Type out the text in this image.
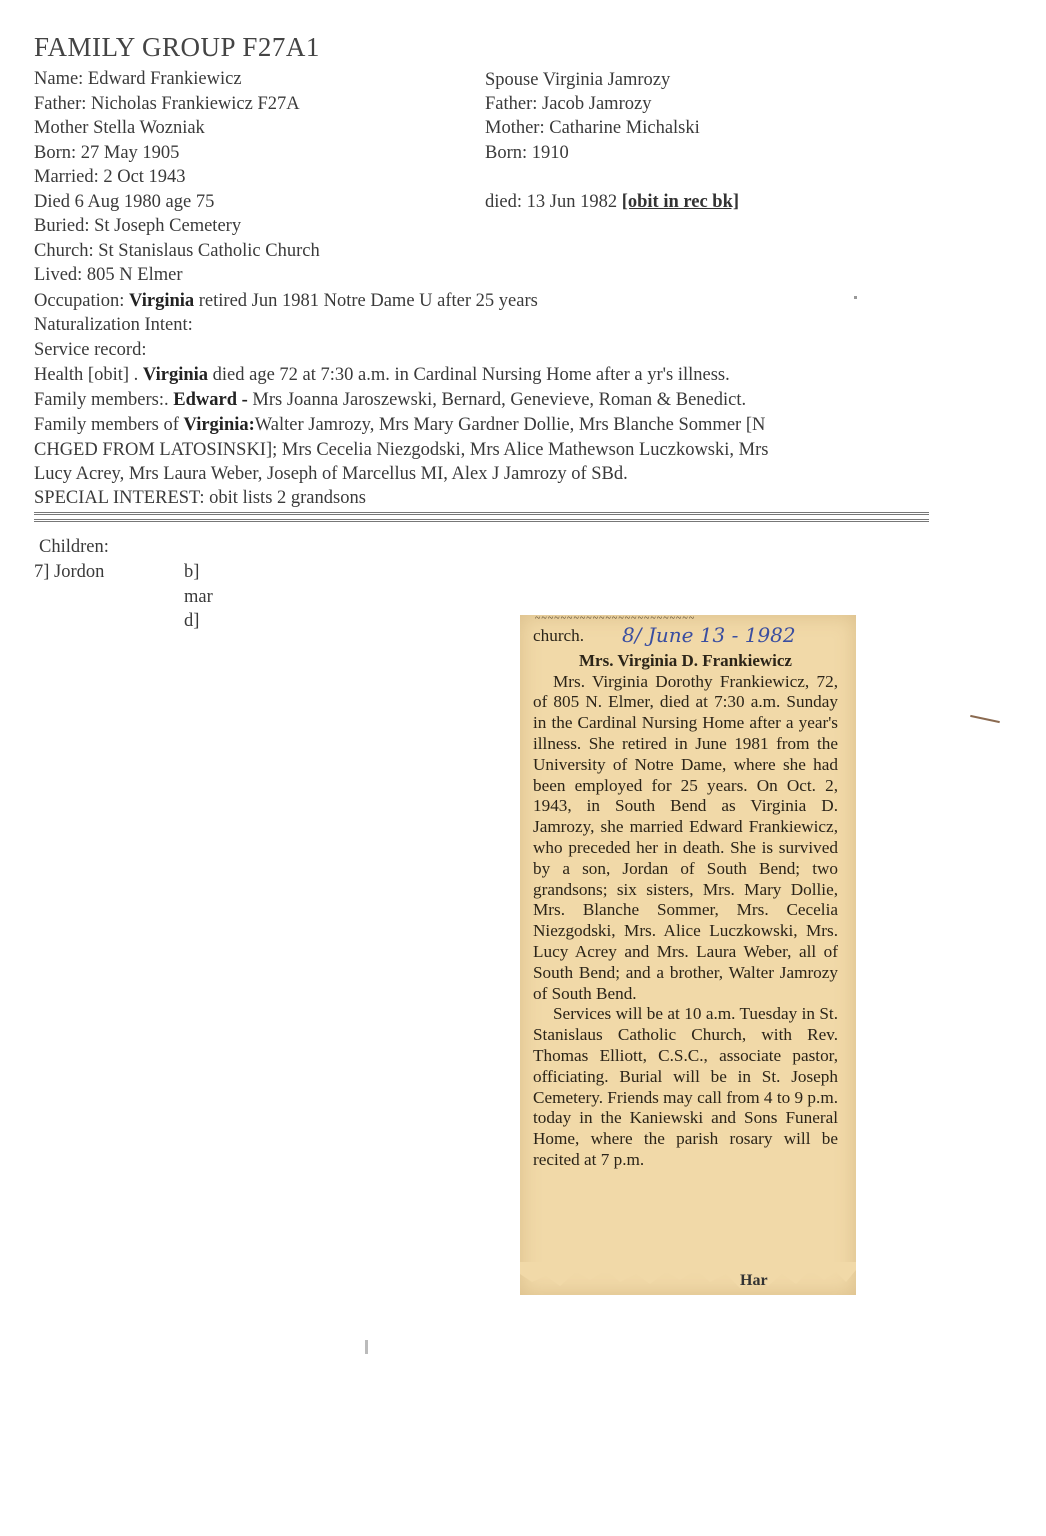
FAMILY GROUP F27A1
Name: Edward Frankiewicz
Father: Nicholas Frankiewicz F27A
Mother Stella Wozniak
Born: 27 May 1905
Married: 2 Oct 1943
Died 6 Aug 1980 age 75
Buried: St Joseph Cemetery
Church: St Stanislaus Catholic Church
Lived: 805 N Elmer
Spouse Virginia Jamrozy
Father: Jacob Jamrozy
Mother: Catharine Michalski
Born: 1910
died: 13 Jun 1982 [obit in rec bk]
Occupation: Virginia retired Jun 1981 Notre Dame U after 25 years
Naturalization Intent:
Service record:
Health [obit] . Virginia died age 72 at 7:30 a.m. in Cardinal Nursing Home after a yr's illness.
Family members:. Edward - Mrs Joanna Jaroszewski, Bernard, Genevieve, Roman & Benedict.
Family members of Virginia:Walter Jamrozy, Mrs Mary Gardner Dollie, Mrs Blanche Sommer [N
CHGED FROM LATOSINSKI]; Mrs Cecelia Niezgodski, Mrs Alice Mathewson Luczkowski, Mrs
Lucy Acrey, Mrs Laura Weber, Joseph of Marcellus MI, Alex J Jamrozy of SBd.
SPECIAL INTEREST: obit lists 2 grandsons
Children:
7] Jordon	b]
mar
d]	~~~~~~~~~~~~~~~~~~~~~~~~~
8/ June 13 - 1982

church.

Mrs. Virginia D. Frankiewicz

Mrs. Virginia Dorothy Frankiewicz, 72, of 805 N. Elmer, died at 7:30 a.m. Sunday in the Cardinal Nursing Home after a year's illness. She retired in June 1981 from the University of Notre Dame, where she had been employed for 25 years. On Oct. 2, 1943, in South Bend as Virginia D. Jamrozy, she married Edward Frankiewicz, who preceded her in death. She is survived by a son, Jordan of South Bend; two grandsons; six sisters, Mrs. Mary Dollie, Mrs. Blanche Sommer, Mrs. Cecelia Niezgodski, Mrs. Alice Luczkowski, Mrs. Lucy Acrey and Mrs. Laura Weber, all of South Bend; and a brother, Walter Jamrozy of South Bend.

Services will be at 10 a.m. Tuesday in St. Stanislaus Catholic Church, with Rev. Thomas Elliott, C.S.C., associate pastor, officiating. Burial will be in St. Joseph Cemetery. Friends may call from 4 to 9 p.m. today in the Kaniewski and Sons Funeral Home, where the parish rosary will be recited at 7 p.m.

Har
